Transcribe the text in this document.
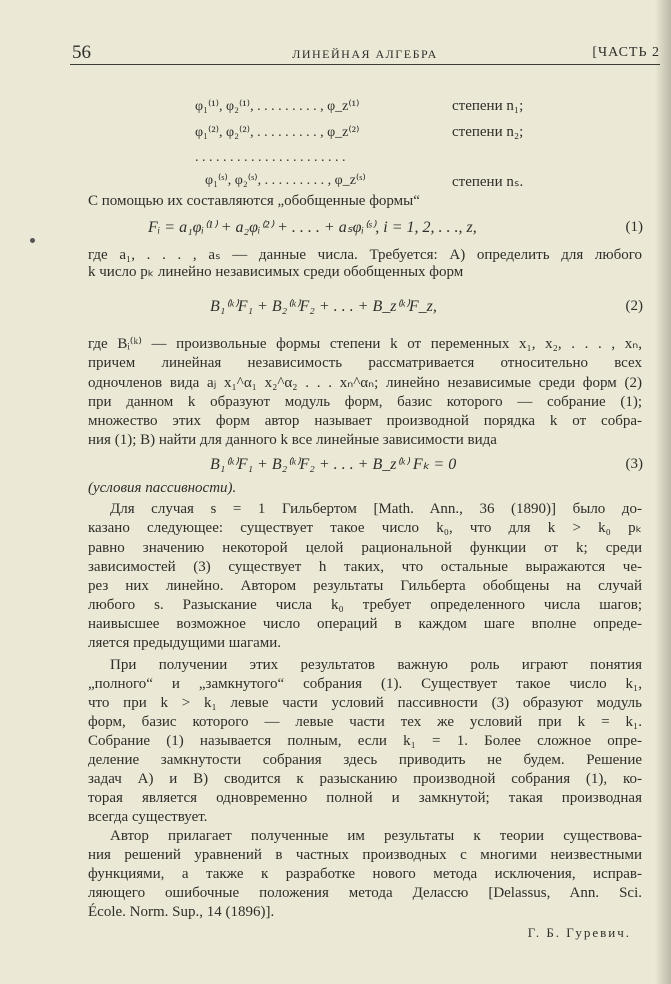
56	ЛИНЕЙНАЯ АЛГЕБРА	[ЧАСТЬ 2
φ₁⁽¹⁾, φ₂⁽¹⁾, . . . . . . . . . , φ_z⁽¹⁾	степени n₁;
φ₁⁽²⁾, φ₂⁽²⁾, . . . . . . . . . , φ_z⁽²⁾	степени n₂;
. . . . . . . . . . . . . . . . . . . . . .
φ₁⁽ˢ⁾, φ₂⁽ˢ⁾, . . . . . . . . . , φ_z⁽ˢ⁾	степени nₛ.
С помощью их составляются „обобщенные формы“
Fᵢ = a₁φᵢ⁽¹⁾ + a₂φᵢ⁽²⁾ + . . . . + aₛφᵢ⁽ˢ⁾, i = 1, 2, . . ., z,	(1)
где a₁, . . . , aₛ — данные числа. Требуется: A) определить для любого
k число pₖ линейно независимых среди обобщенных форм
B₁⁽ᵏ⁾F₁ + B₂⁽ᵏ⁾F₂ + . . . + B_z⁽ᵏ⁾F_z,	(2)
где Bᵢ⁽ᵏ⁾ — произвольные формы степени k от переменных x₁, x₂, . . . , xₙ,
причем линейная независимость рассматривается относительно всех
одночленов вида aⱼ x₁^α₁ x₂^α₂ . . . xₙ^αₙ; линейно независимые среди форм (2)
при данном k образуют модуль форм, базис которого — собрание (1);
множество этих форм автор называет производной порядка k от собра-
ния (1); B) найти для данного k все линейные зависимости вида
B₁⁽ᵏ⁾F₁ + B₂⁽ᵏ⁾F₂ + . . . + B_z⁽ᵏ⁾ Fₖ = 0	(3)
(условия пассивности).
Для случая s = 1 Гильбертом [Math. Ann., 36 (1890)] было до-
казано следующее: существует такое число k₀, что для k > k₀ pₖ
равно значению некоторой целой рациональной функции от k; среди
зависимостей (3) существует h таких, что остальные выражаются че-
рез них линейно. Автором результаты Гильберта обобщены на случай
любого s. Разыскание числа k₀ требует определенного числа шагов;
наивысшее возможное число операций в каждом шаге вполне опреде-
ляется предыдущими шагами.
При получении этих результатов важную роль играют понятия
„полного“ и „замкнутого“ собрания (1). Существует такое число k₁,
что при k > k₁ левые части условий пассивности (3) образуют модуль
форм, базис которого — левые части тех же условий при k = k₁.
Собрание (1) называется полным, если k₁ = 1. Более сложное опре-
деление замкнутости собрания здесь приводить не будем. Решение
задач A) и B) сводится к разысканию производной собрания (1), ко-
торая является одновременно полной и замкнутой; такая производная
всегда существует.
Автор прилагает полученные им результаты к теории существова-
ния решений уравнений в частных производных с многими неизвестными
функциями, а также к разработке нового метода исключения, исправ-
ляющего ошибочные положения метода Делассю [Delassus, Ann. Sci.
École. Norm. Sup., 14 (1896)].
Г. Б. Гуревич.
